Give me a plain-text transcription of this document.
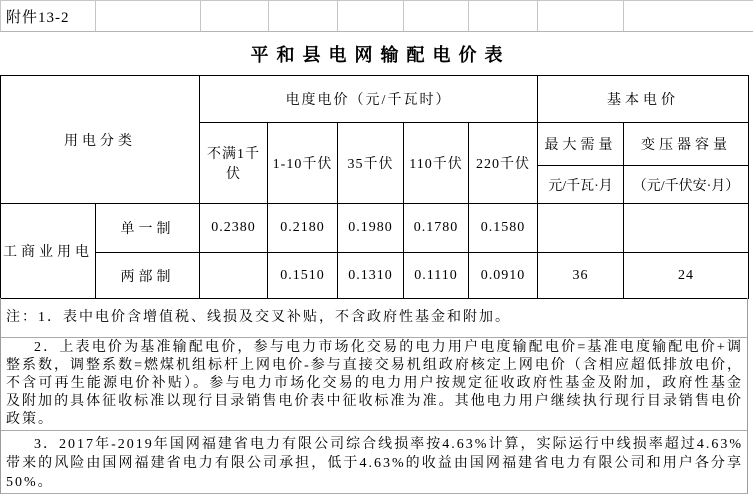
附件13-2
平和县电网输配电价表
用电分类		电度电价（元/千瓦时）					基本电价	
		不满1千伏	1-10千伏	35千伏	110千伏	220千伏	最大需量	变压器容量
							元/千瓦·月	（元/千伏安·月）
工商业用电	单一制	0.2380	0.2180	0.1980	0.1780	0.1580		
	两部制		0.1510	0.1310	0.1110	0.0910	36	24
注：1．表中电价含增值税、线损及交叉补贴，不含政府性基金和附加。
2．上表电价为基准输配电价，参与电力市场化交易的电力用户电度输配电价=基准电度输配电价+调整系数，调整系数=燃煤机组标杆上网电价-参与直接交易机组政府核定上网电价（含相应超低排放电价，不含可再生能源电价补贴）。参与电力市场化交易的电力用户按规定征收政府性基金及附加，政府性基金及附加的具体征收标准以现行目录销售电价表中征收标准为准。其他电力用户继续执行现行目录销售电价政策。
3．2017年-2019年国网福建省电力有限公司综合线损率按4.63%计算，实际运行中线损率超过4.63%带来的风险由国网福建省电力有限公司承担，低于4.63%的收益由国网福建省电力有限公司和用户各分享50%。
